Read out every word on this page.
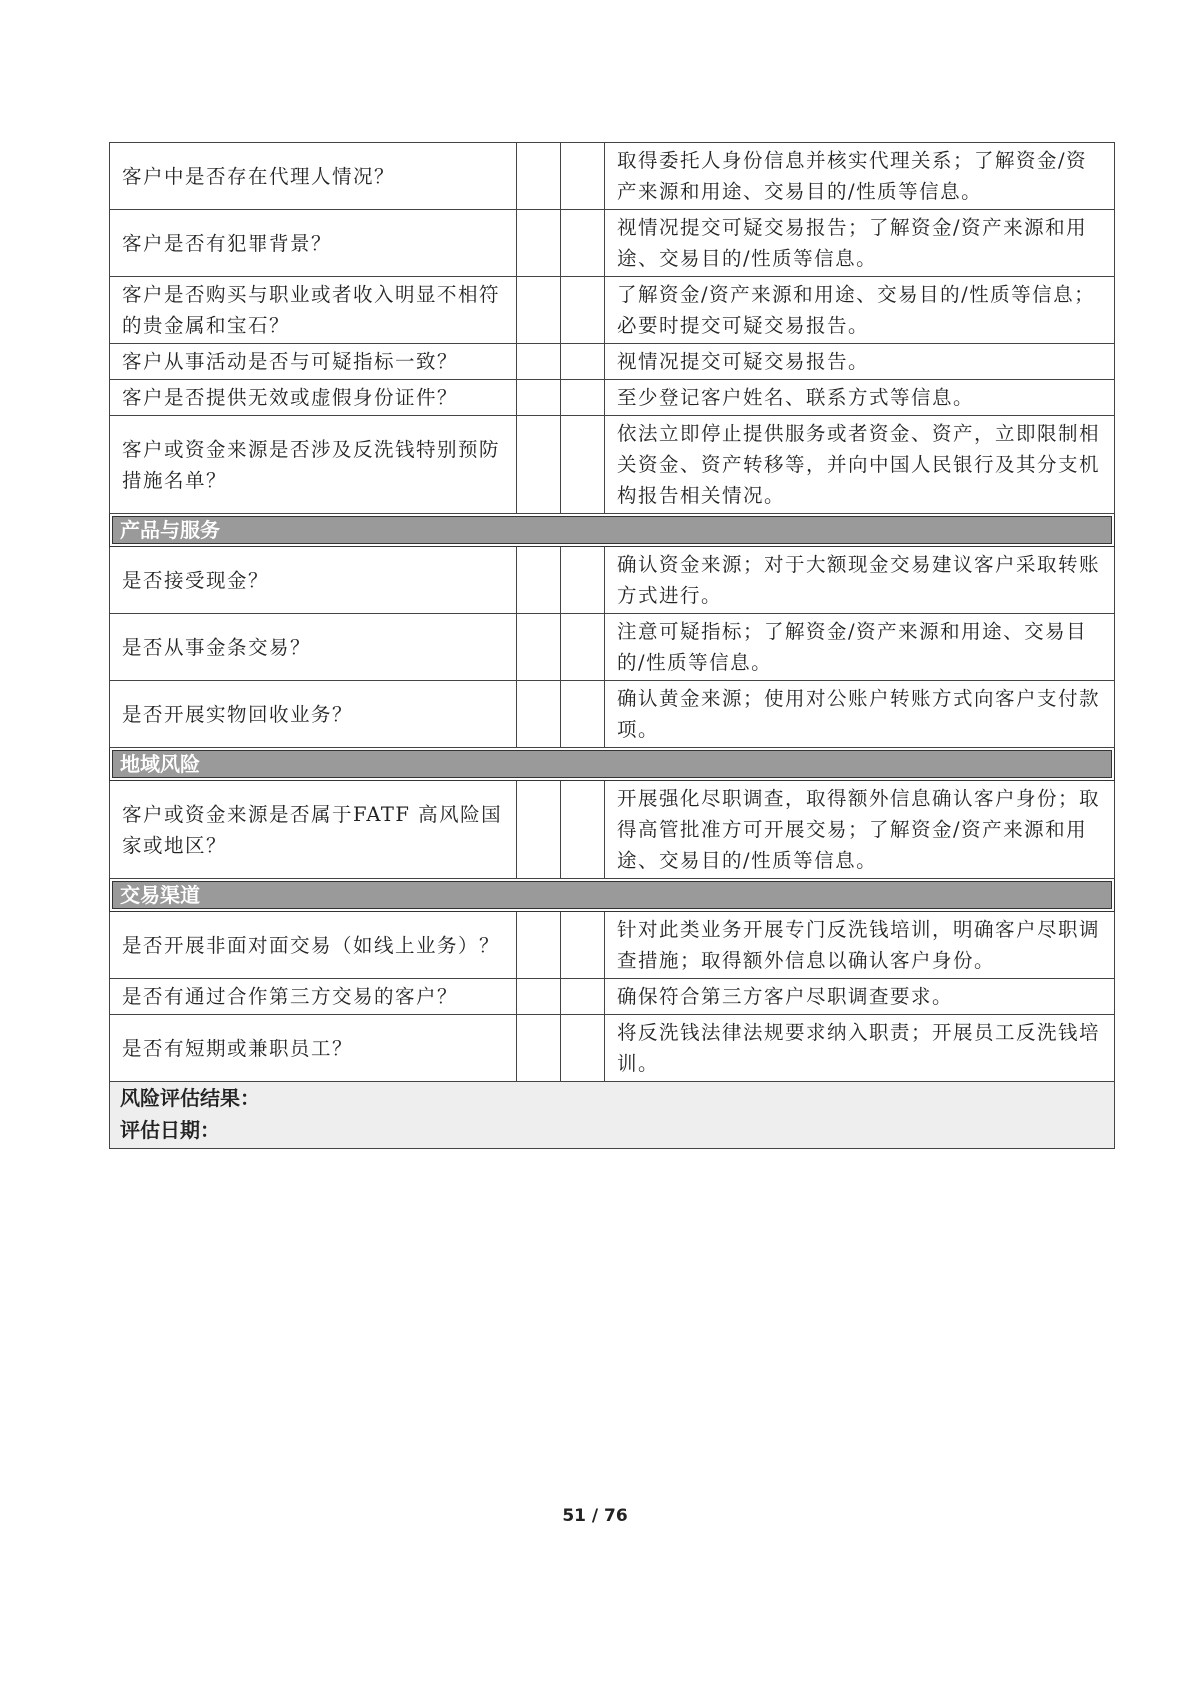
客户中是否存在代理人情况？			取得委托人身份信息并核实代理关系；了解资金/资产来源和用途、交易目的/性质等信息。
客户是否有犯罪背景？			视情况提交可疑交易报告；了解资金/资产来源和用途、交易目的/性质等信息。
客户是否购买与职业或者收入明显不相符的贵金属和宝石？			了解资金/资产来源和用途、交易目的/性质等信息；必要时提交可疑交易报告。
客户从事活动是否与可疑指标一致？			视情况提交可疑交易报告。
客户是否提供无效或虚假身份证件？			至少登记客户姓名、联系方式等信息。
客户或资金来源是否涉及反洗钱特别预防措施名单？			依法立即停止提供服务或者资金、资产，立即限制相关资金、资产转移等，并向中国人民银行及其分支机构报告相关情况。
产品与服务			
是否接受现金？			确认资金来源；对于大额现金交易建议客户采取转账方式进行。
是否从事金条交易？			注意可疑指标；了解资金/资产来源和用途、交易目的/性质等信息。
是否开展实物回收业务？			确认黄金来源；使用对公账户转账方式向客户支付款项。
地域风险			
客户或资金来源是否属于FATF 高风险国家或地区？			开展强化尽职调查，取得额外信息确认客户身份；取得高管批准方可开展交易；了解资金/资产来源和用途、交易目的/性质等信息。
交易渠道			
是否开展非面对面交易（如线上业务）？			针对此类业务开展专门反洗钱培训，明确客户尽职调查措施；取得额外信息以确认客户身份。
是否有通过合作第三方交易的客户？			确保符合第三方客户尽职调查要求。
是否有短期或兼职员工？			将反洗钱法律法规要求纳入职责；开展员工反洗钱培训。

风险评估结果：
评估日期：			
51 / 76
